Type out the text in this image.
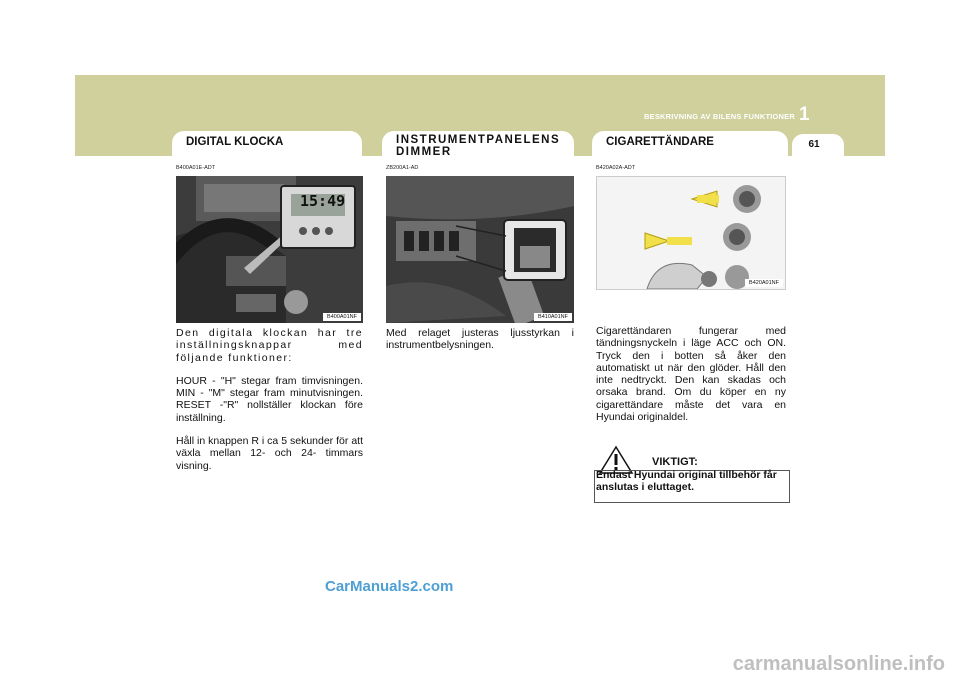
BESKRIVNING AV BILENS FUNKTIONER 1
61
DIGITAL KLOCKA
B400A01E-ADT
15:49
B400A01NF

Den digitala klockan har tre inställningsknappar med följande funktioner:

HOUR - "H" stegar fram timvisningen. MIN - "M" stegar fram minutvisningen. RESET -"R" nollställer klockan före inställning.

Håll in knappen R i ca 5 sekunder för att växla mellan 12- och 24- timmars visning.

INSTRUMENTPANELENS
DIMMER
ZB200A1-AD
B410A01NF

Med relaget justeras ljusstyrkan i instrumentbelysningen.

CIGARETTÄNDARE
B420A02A-ADT
B420A01NF

Cigarettändaren fungerar med tändningsnyckeln i läge ACC och ON. Tryck den i botten så åker den automatiskt ut när den glöder. Håll den inte nedtryckt. Den kan skadas och orsaka brand. Om du köper en ny cigarettändare måste det vara en Hyundai originaldel.

VIKTIGT:
Endast Hyundai original tillbehör får anslutas i eluttaget.
CarManuals2.com
carmanualsonline.info
